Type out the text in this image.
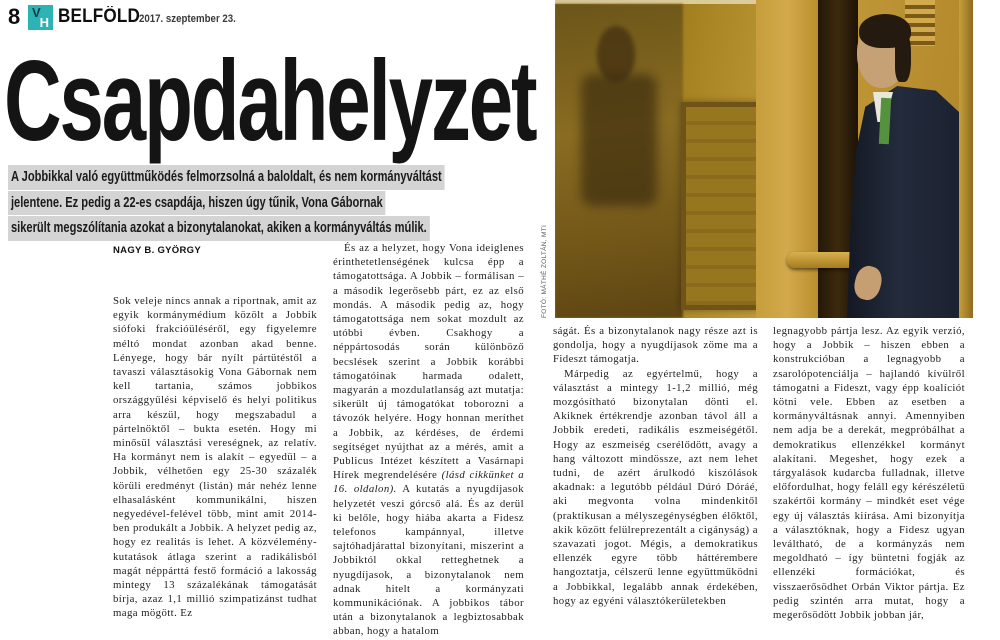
8 V
H BELFÖLD
2017. szeptember 23.
Csapdahelyzet
A Jobbikkal való együttműködés felmorzsolná a baloldalt, és nem kormányváltást
jelentene. Ez pedig a 22-es csapdája, hiszen úgy tűnik, Vona Gábornak
sikerült megszólítania azokat a bizonytalanokat, akiken a kormányváltás múlik.
NAGY B. GYÖRGY

Sok veleje nincs annak a riportnak, amit az egyik kormánymédium közölt a Jobbik siófoki frakcióüléséről, egy figyelemre méltó mondat azonban akad benne. Lényege, hogy bár nyílt pártütéstől a tavaszi választásokig Vona Gábornak nem kell tartania, számos jobbikos országgyűlési képviselő és helyi politikus arra készül, hogy megszabadul a pártelnöktől – bukta esetén. Hogy mi minősül választási vereségnek, az relatív. Ha kormányt nem is alakít – egyedül – a Jobbik, vélhetően egy 25-30 százalék körüli eredményt (listán) már nehéz lenne elhasalásként kommunikálni, hiszen negyedével-felével több, mint amit 2014-ben produkált a Jobbik. A helyzet pedig az, hogy ez realitás is lehet. A közvélemény-kutatások átlaga szerint a radikálisból magát néppárttá festő formáció a lakosság mintegy 13 százalékának támogatását bírja, azaz 1,1 millió szimpatizánst tudhat maga mögött. Ez

És az a helyzet, hogy Vona ideiglenes érinthetetlenségének kulcsa épp a támogatottsága. A Jobbik – formálisan – a második legerősebb párt, ez az első mondás. A második pedig az, hogy támogatottsága nem sokat mozdult az utóbbi évben. Csakhogy a néppártosodás során különböző becslések szerint a Jobbik korábbi támogatóinak harmada odalett, magyarán a mozdulatlanság azt mutatja: sikerült új támogatókat toborozni a távozók helyére. Hogy honnan meríthet a Jobbik, az kérdéses, de érdemi segítséget nyújthat az a mérés, amit a Publicus Intézet készített a Vasárnapi Hírek megrendelésére (lásd cikkünket a 16. oldalon). A kutatás a nyugdíjasok helyzetét veszi górcső alá. És az derül ki belőle, hogy hiába akarta a Fidesz telefonos kampánnyal, illetve sajtóhadjárattal bizonyítani, miszerint a Jobbiktól okkal retteghetnek a nyugdíjasok, a bizonytalanok nem adnak hitelt a kormányzati kommunikációnak. A jobbikos tábor után a bizonytalanok a legbiztosabbak abban, hogy a hatalom

ságát. És a bizonytalanok nagy része azt is gondolja, hogy a nyugdíjasok zöme ma a Fideszt támogatja.

Márpedig az egyértelmű, hogy a választást a mintegy 1-1,2 millió, még mozgósítható bizonytalan dönti el. Akiknek értékrendje azonban távol áll a Jobbik eredeti, radikális eszmeiségétől. Hogy az eszmeiség cserélődött, avagy a hang változott mindössze, azt nem lehet tudni, de azért árulkodó kiszólások akadnak: a legutóbb például Dúró Dóráé, aki megvonta volna mindenkitől (praktikusan a mélyszegénységben élőktől, akik között felülreprezentált a cigányság) a szavazati jogot. Mégis, a demokratikus ellenzék egyre több háttérembere hangoztatja, célszerű lenne együttműködni a Jobbikkal, legalább annak érdekében, hogy az egyéni választókerületekben

legnagyobb pártja lesz. Az egyik verzió, hogy a Jobbik – hiszen ebben a konstrukcióban a legnagyobb a zsarolópotenciálja – hajlandó kívülről támogatni a Fideszt, vagy épp koalíciót kötni vele. Ebben az esetben a kormányváltásnak annyi. Amennyiben nem adja be a derekát, megpróbálhat a demokratikus ellenzékkel kormányt alakítani. Megeshet, hogy ezek a tárgyalások kudarcba fulladnak, illetve előfordulhat, hogy feláll egy kérészéletű szakértői kormány – mindkét eset vége egy új választás kiírása. Ami bizonyítja a választóknak, hogy a Fidesz ugyan leváltható, de a kormányzás nem megoldható – így büntetni fogják az ellenzéki formációkat, és visszaerősödhet Orbán Viktor pártja. Ez pedig szintén arra mutat, hogy a megerősödött Jobbik jobban jár,

FOTÓ: MÁTHÉ ZOLTÁN, MTI
